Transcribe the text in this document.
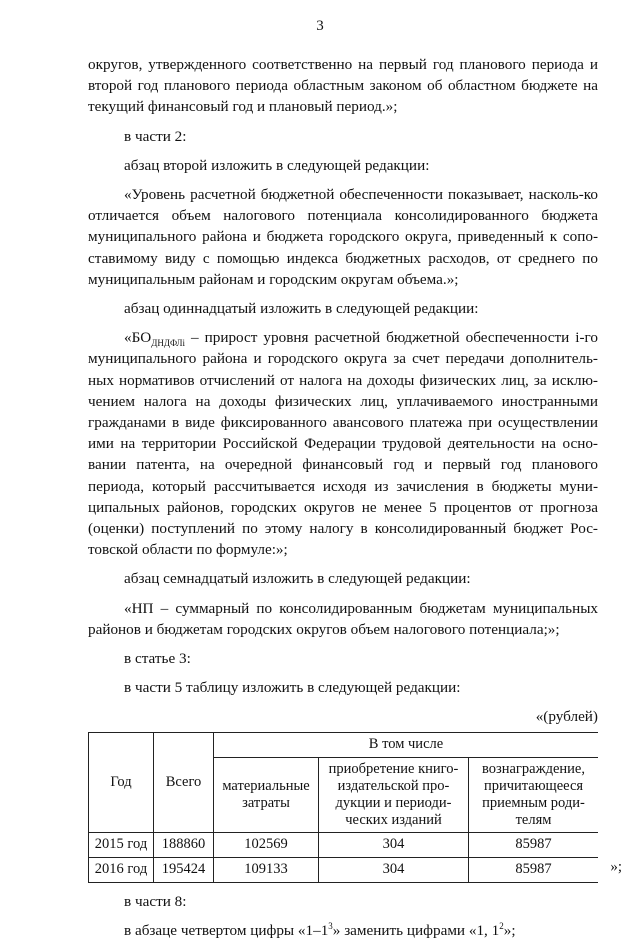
3

округов, утвержденного соответственно на первый год планового периода и второй год планового периода областным законом об областном бюджете на текущий финансовый год и плановый период.»;

в части 2:

абзац второй изложить в следующей редакции:

«Уровень расчетной бюджетной обеспеченности показывает, насколь-ко отличается объем налогового потенциала консолидированного бюджета муниципального района и бюджета городского округа, приведенный к сопо-ставимому виду с помощью индекса бюджетных расходов, от среднего по муниципальным районам и городским округам объема.»;

абзац одиннадцатый изложить в следующей редакции:

«$БО_{ДНДФЛi}$ – прирост уровня расчетной бюджетной обеспеченности i-го муниципального района и городского округа за счет передачи дополнитель-ных нормативов отчислений от налога на доходы физических лиц, за исклю-чением налога на доходы физических лиц, уплачиваемого иностранными гражданами в виде фиксированного авансового платежа при осуществлении ими на территории Российской Федерации трудовой деятельности на осно-вании патента, на очередной финансовый год и первый год планового периода, который рассчитывается исходя из зачисления в бюджеты муни-ципальных районов, городских округов не менее 5 процентов от прогноза (оценки) поступлений по этому налогу в консолидированный бюджет Рос-товской области по формуле:»;

абзац семнадцатый изложить в следующей редакции:

«НП – суммарный по консолидированным бюджетам муниципальных районов и бюджетам городских округов объем налогового потенциала;»;

в статье 3:

в части 5 таблицу изложить в следующей редакции:

«(рублей)

Год	Всего	В том числе		
		материальные затраты	приобретение книго-издательской про-дукции и периоди-ческих изданий	вознаграждение, причитающееся приемным роди-телям
2015 год	188860	102569	304	85987
2016 год	195424	109133	304	85987	»;

в части 8:

в абзаце четвертом цифры «$1-1^3$» заменить цифрами «1, $1^2$»;
